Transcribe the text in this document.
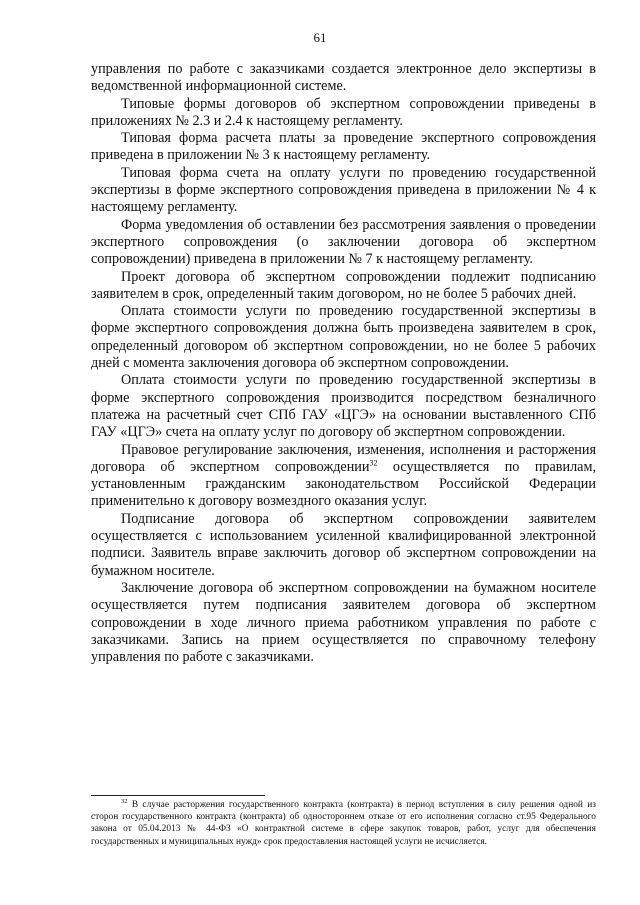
61

управления по работе с заказчиками создается электронное дело экспертизы в ведомственной информационной системе.

Типовые формы договоров об экспертном сопровождении приведены в приложениях № 2.3 и 2.4 к настоящему регламенту.

Типовая форма расчета платы за проведение экспертного сопровождения приведена в приложении № 3 к настоящему регламенту.

Типовая форма счета на оплату услуги по проведению государственной экспертизы в форме экспертного сопровождения приведена в приложении № 4 к настоящему регламенту.

Форма уведомления об оставлении без рассмотрения заявления о проведении экспертного сопровождения (о заключении договора об экспертном сопровождении) приведена в приложении № 7 к настоящему регламенту.

Проект договора об экспертном сопровождении подлежит подписанию заявителем в срок, определенный таким договором, но не более 5 рабочих дней.

Оплата стоимости услуги по проведению государственной экспертизы в форме экспертного сопровождения должна быть произведена заявителем в срок, определенный договором об экспертном сопровождении, но не более 5 рабочих дней с момента заключения договора об экспертном сопровождении.

Оплата стоимости услуги по проведению государственной экспертизы в форме экспертного сопровождения производится посредством безналичного платежа на расчетный счет СПб ГАУ «ЦГЭ» на основании выставленного СПб ГАУ «ЦГЭ» счета на оплату услуг по договору об экспертном сопровождении.

Правовое регулирование заключения, изменения, исполнения и расторжения договора об экспертном сопровождении$^{32}$ осуществляется по правилам, установленным гражданским законодательством Российской Федерации применительно к договору возмездного оказания услуг.

Подписание договора об экспертном сопровождении заявителем осуществляется с использованием усиленной квалифицированной электронной подписи. Заявитель вправе заключить договор об экспертном сопровождении на бумажном носителе.

Заключение договора об экспертном сопровождении на бумажном носителе осуществляется путем подписания заявителем договора об экспертном сопровождении в ходе личного приема работником управления по работе с заказчиками. Запись на прием осуществляется по справочному телефону управления по работе с заказчиками.

$^{32}$ В случае расторжения государственного контракта (контракта) в период вступления в силу решения одной из сторон государственного контракта (контракта) об одностороннем отказе от его исполнения согласно ст.95 Федерального закона от 05.04.2013 № 44-ФЗ «О контрактной системе в сфере закупок товаров, работ, услуг для обеспечения государственных и муниципальных нужд» срок предоставления настоящей услуги не исчисляется.
